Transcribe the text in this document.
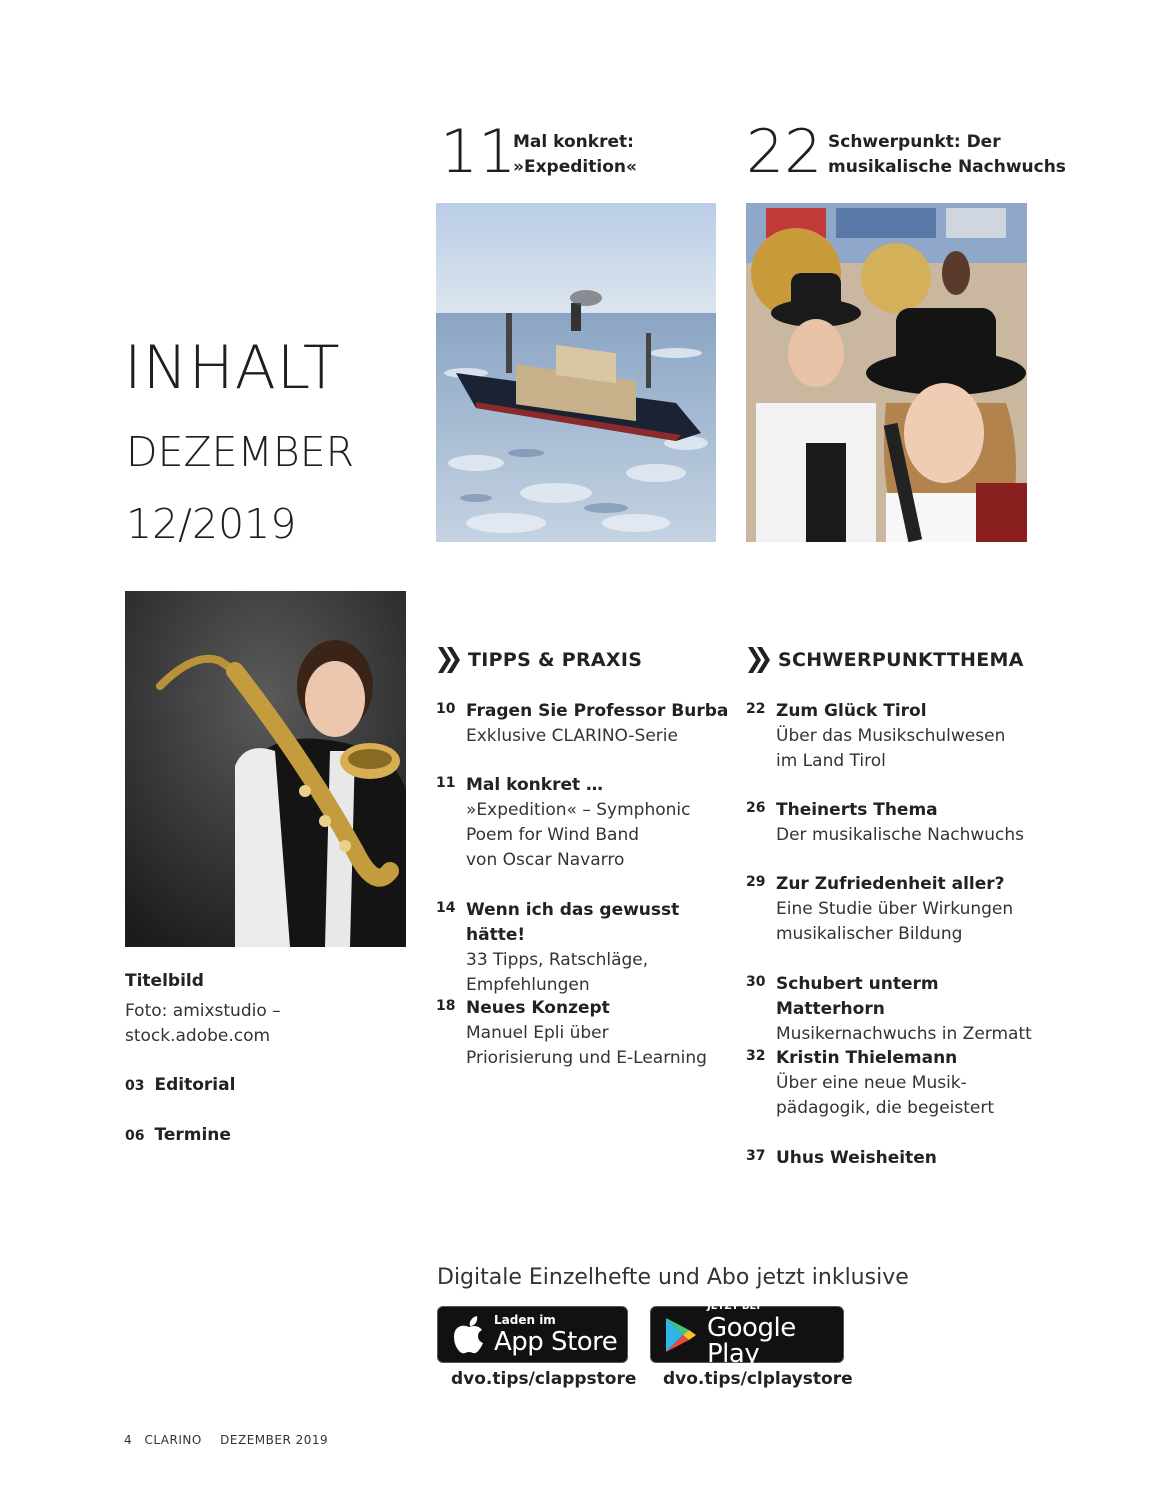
INHALT
DEZEMBER
12/2019
11
Mal konkret:
»Expedition« 22 Schwerpunkt: Der
musikalische Nachwuchs
Titelbild
Foto: amixstudio –
stock.adobe.com
03 Editorial
06 Termine
TIPPS & PRAXIS
10 Fragen Sie Professor Burba
Exklusive CLARINO-Serie
11 Mal konkret …
»Expedition« – Symphonic
Poem for Wind Band
von Oscar Navarro
14 Wenn ich das gewusst hätte!
33 Tipps, Ratschläge,
Empfehlungen
18 Neues Konzept
Manuel Epli über
Priorisierung und E-Learning
SCHWERPUNKTTHEMA
22 Zum Glück Tirol
Über das Musikschulwesen
im Land Tirol
26 Theinerts Thema
Der musikalische Nachwuchs
29 Zur Zufriedenheit aller?
Eine Studie über Wirkungen
musikalischer Bildung
30 Schubert unterm Matterhorn
Musikernachwuchs in Zermatt
32 Kristin Thielemann
Über eine neue Musik-
pädagogik, die begeistert
37 Uhus Weisheiten
Digitale Einzelhefte und Abo jetzt inklusive
Laden im
App Store
JETZT BEI
Google Play
dvo.tips/clappstore dvo.tips/clplaystore
4 CLARINO DEZEMBER 2019
